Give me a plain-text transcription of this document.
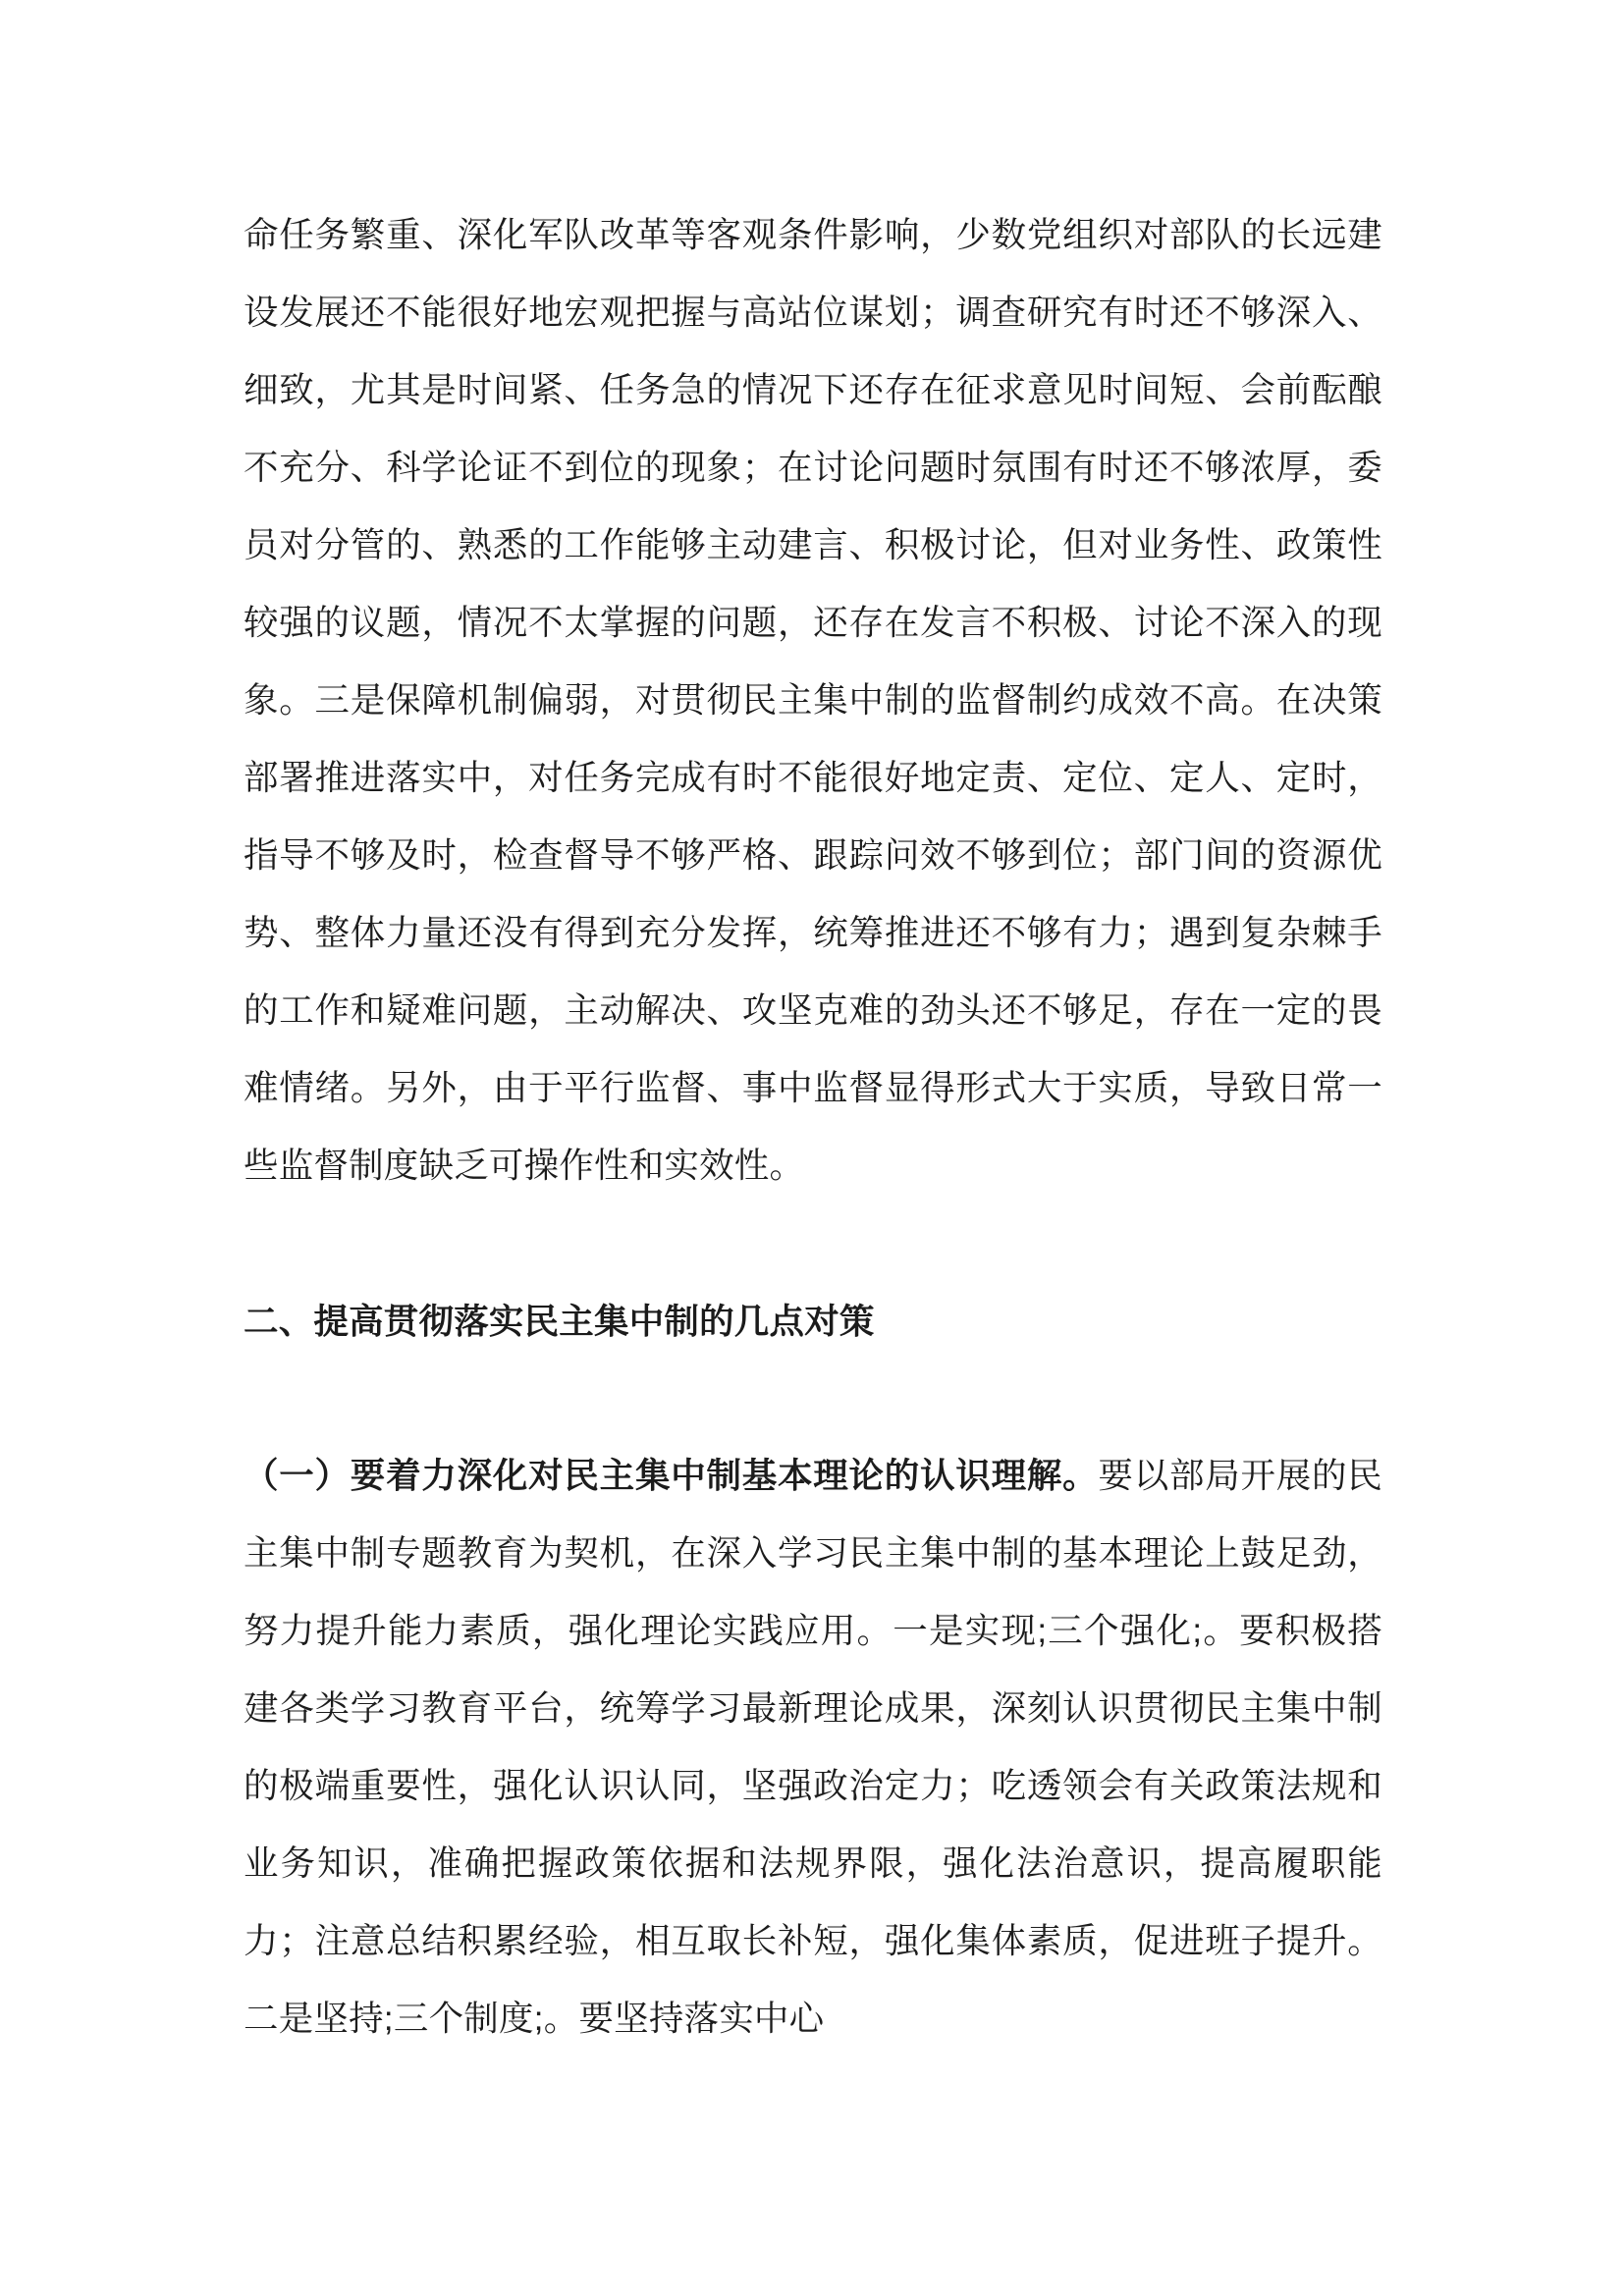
命任务繁重、深化军队改革等客观条件影响，少数党组织对部队的长远建设发展还不能很好地宏观把握与高站位谋划；调查研究有时还不够深入、细致，尤其是时间紧、任务急的情况下还存在征求意见时间短、会前酝酿不充分、科学论证不到位的现象；在讨论问题时氛围有时还不够浓厚，委员对分管的、熟悉的工作能够主动建言、积极讨论，但对业务性、政策性较强的议题，情况不太掌握的问题，还存在发言不积极、讨论不深入的现象。三是保障机制偏弱，对贯彻民主集中制的监督制约成效不高。在决策部署推进落实中，对任务完成有时不能很好地定责、定位、定人、定时，指导不够及时，检查督导不够严格、跟踪问效不够到位；部门间的资源优势、整体力量还没有得到充分发挥，统筹推进还不够有力；遇到复杂棘手的工作和疑难问题，主动解决、攻坚克难的劲头还不够足，存在一定的畏难情绪。另外，由于平行监督、事中监督显得形式大于实质，导致日常一些监督制度缺乏可操作性和实效性。

二、提高贯彻落实民主集中制的几点对策

（一）要着力深化对民主集中制基本理论的认识理解。要以部局开展的民主集中制专题教育为契机，在深入学习民主集中制的基本理论上鼓足劲，努力提升能力素质，强化理论实践应用。一是实现;三个强化;。要积极搭建各类学习教育平台，统筹学习最新理论成果，深刻认识贯彻民主集中制的极端重要性，强化认识认同，坚强政治定力；吃透领会有关政策法规和业务知识，准确把握政策依据和法规界限，强化法治意识，提高履职能力；注意总结积累经验，相互取长补短，强化集体素质，促进班子提升。二是坚持;三个制度;。要坚持落实中心
